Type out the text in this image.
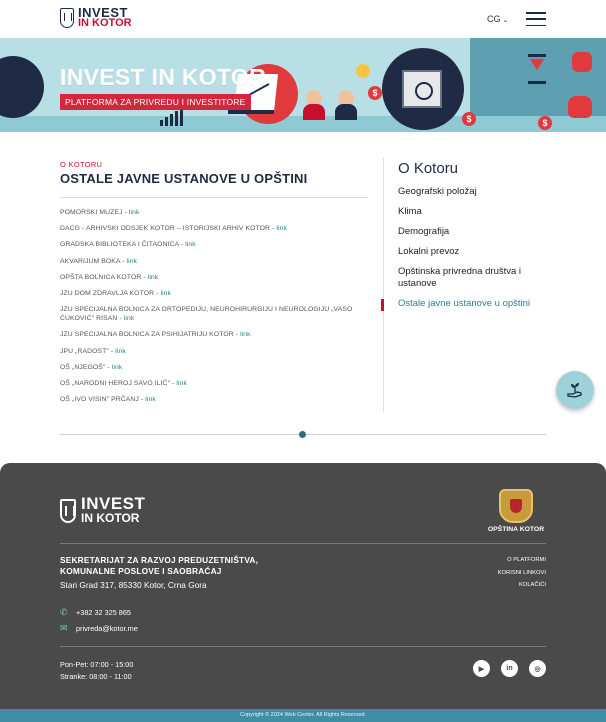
INVEST
IN KOTOR	CG ⌄
$
$	$
INVEST IN KOTOR
PLATFORMA ZA PRIVREDU I INVESTITORE
O KOTORU
OSTALE JAVNE USTANOVE U OPŠTINI
POMORSKI MUZEJ - link
DACG - ARHIVSKI ODSJEK KOTOR – ISTORIJSKI ARHIV KOTOR - link
GRADSKA BIBLIOTEKA I ČITAONICA - link
AKVARIJUM BOKA - link
OPŠTA BOLNICA KOTOR - link
JZU DOM ZDRAVLJA KOTOR - link
JZU SPECIJALNA BOLNICA ZA ORTOPEDIJU, NEUROHIRURGIJU I NEUROLOGIJU „VASO ĆUKOVIĆ" RISAN - link
JZU SPECIJALNA BOLNICA ZA PSIHIJATRIJU KOTOR - link
JPU „RADOST" - link
OŠ „NJEGOŠ" - link
OŠ „NARODNI HEROJ SAVO ILIĆ" - link
OŠ „IVO VISIN" PRČANJ - link
O Kotoru
Geografski položaj
Klima
Demografija
Lokalni prevoz
Opštinska privredna društva i ustanove
Ostale javne ustanove u opštini
INVEST
IN KOTOR
OPŠTINA KOTOR
SEKRETARIJAT ZA RAZVOJ PREDUZETNIŠTVA, KOMUNALNE POSLOVE I SAOBRAĆAJ
Stari Grad 317, 85330 Kotor, Crna Gora
O PLATFORMI
KORISNI LINKOVI
KOLAČIĆI
✆	+382 32 325 865
✉	privreda@kotor.me
Pon-Pet: 07:00 - 15:00
Stranke: 08:00 - 11:00
▶	in	◎
Copyright © 2024 Web Center. All Rights Reserved.
